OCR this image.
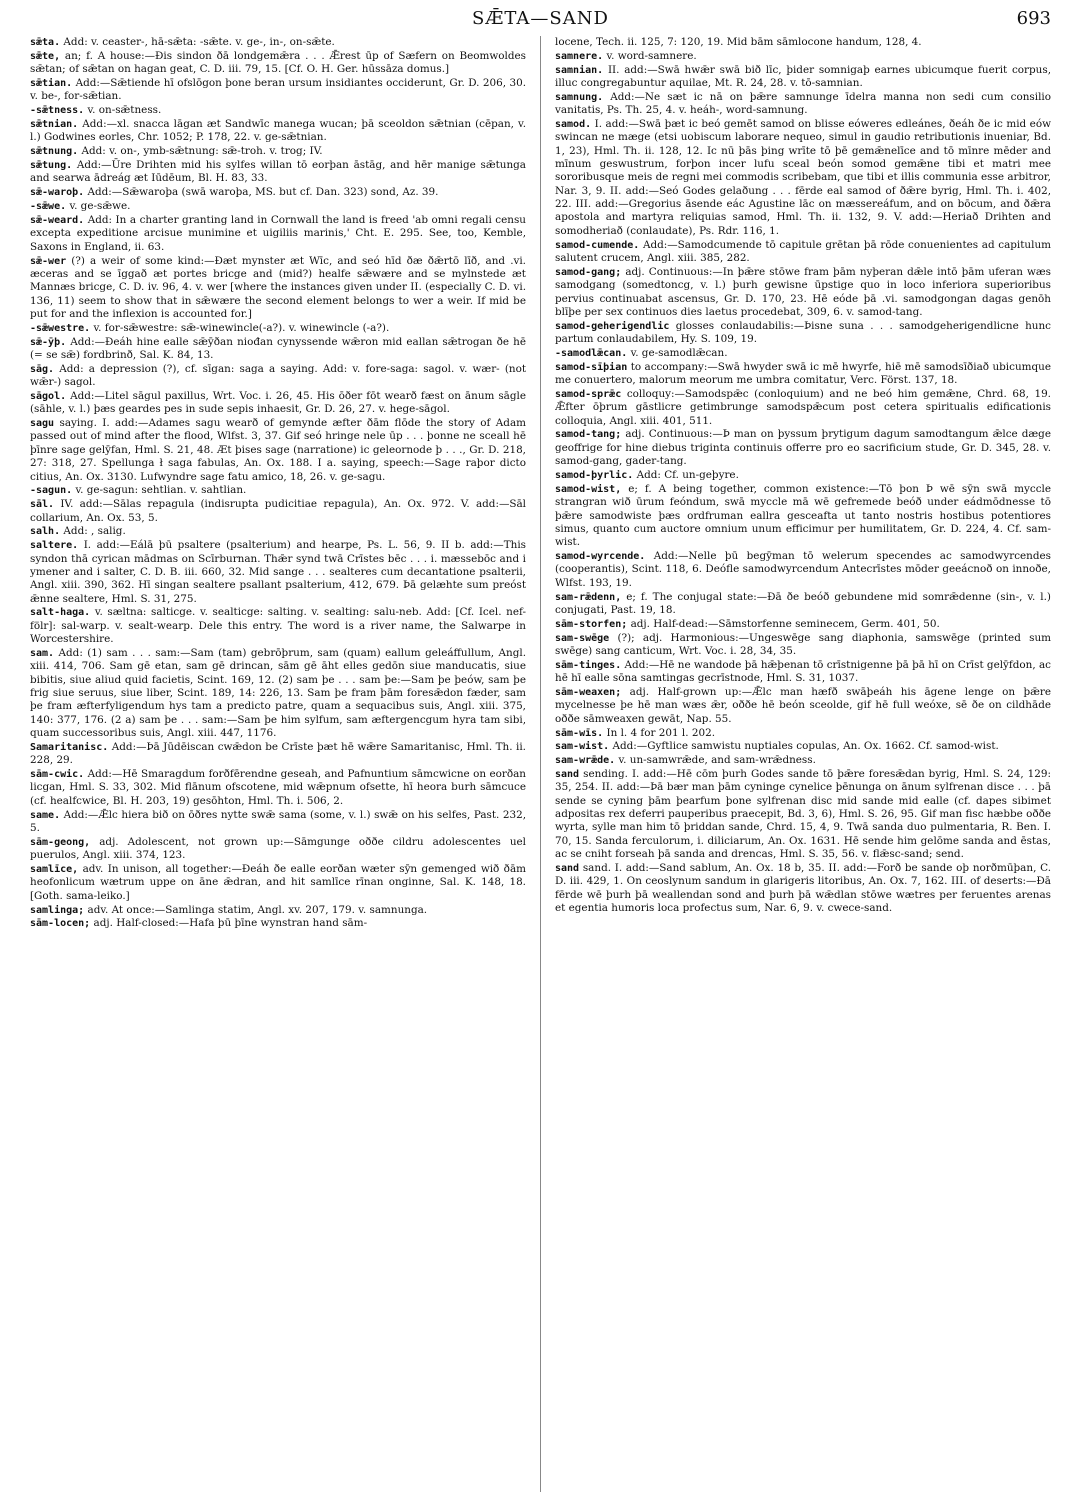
SǢTA—SAND	693
sǣta. Add: v. ceaster-, hā-sǣta: -sǣte. v. ge-, in-, on-sǣte.
sǣte, an; f. A house:—Ðis sindon ðā londgemǣra . . . Ǣrest ūp of Sæfern on Beomwoldes sǣtan; of sǣtan on hagan geat, C. D. iii. 79, 15. [Cf. O. H. Ger. hūssāza domus.]
sǣtian. Add:—Sǣtiende hī ofslōgon þone beran ursum insidiantes occiderunt, Gr. D. 206, 30. v. be-, for-sǣtian.
-sǣtness. v. on-sǣtness.
sǣtnian. Add:—xl. snacca lāgan æt Sandwīc manega wucan; þā sceoldon sǣtnian (cēpan, v. l.) Godwines eorles, Chr. 1052; P. 178, 22. v. ge-sǣtnian.
sǣtnung. Add: v. on-, ymb-sǣtnung: sǣ-troh. v. trog; IV.
sǣtung. Add:—Ūre Drihten mid his sylfes willan tō eorþan āstāg, and hēr manige sǣtunga and searwa ādreág æt Iūdēum, Bl. H. 83, 33.
sǣ-waroþ. Add:—Sǣwaroþa (swā waroþa, MS. but cf. Dan. 323) sond, Az. 39.
-sǣwe. v. ge-sǣwe.
sǣ-weard. Add: In a charter granting land in Cornwall the land is freed 'ab omni regali censu excepta expeditione arcisue munimine et uigiliis marinis,' Cht. E. 295. See, too, Kemble, Saxons in England, ii. 63.
sǣ-wer (?) a weir of some kind:—Ðæt mynster æt Wīc, and seó hīd ðæ ðǣrtō līð, and .vi. æceras and se īggað æt portes bricge and (mid?) healfe sǣwære and se mylnstede æt Mannæs bricge, C. D. iv. 96, 4. v. wer [where the instances given under II. (especially C. D. vi. 136, 11) seem to show that in sǣwære the second element belongs to wer a weir. If mid be put for and the inflexion is accounted for.]
-sǣwestre. v. for-sǣwestre: sǣ-winewincle(-a?). v. winewincle (-a?).
sǣ-ȳþ. Add:—Ðeáh hine ealle sǣȳðan niođan cynyssende wǣron mid eallan sǣtrogan ðe hē (= se sǣ) fordbrinð, Sal. K. 84, 13.
sāg. Add: a depression (?), cf. sīgan: saga a saying. Add: v. fore-saga: sagol. v. wær- (not wǣr-) sagol.
sāgol. Add:—Litel sāgul paxillus, Wrt. Voc. i. 26, 45. His ōðer fōt wearð fæst on ānum sāgle (sāhle, v. l.) þæs geardes pes in sude sepis inhaesit, Gr. D. 26, 27. v. hege-sāgol.
sagu saying. I. add:—Adames sagu wearð of gemynde æfter ðām flōde the story of Adam passed out of mind after the flood, Wlfst. 3, 37. Gif seó hringe nele ūp . . . þonne ne sceall hē þīnre sage gelȳfan, Hml. S. 21, 48. Æt þises sage (narratione) ic geleornode þ . . ., Gr. D. 218, 27: 318, 27. Spellunga ł saga fabulas, An. Ox. 188. I a. saying, speech:—Sage raþor dicto citius, An. Ox. 3130. Lufwyndre sage fatu amico, 18, 26. v. ge-sagu.
-sagun. v. ge-sagun: sehtlian. v. sahtlian.
sāl. IV. add:—Sālas repagula (indisrupta pudicitiae repagula), An. Ox. 972. V. add:—Sāl collarium, An. Ox. 53, 5.
salh. Add: , salig.
saltere. I. add:—Eálā þū psaltere (psalterium) and hearpe, Ps. L. 56, 9. II b. add:—This syndon thā cyrican mādmas on Scīrburnan. Thǣr synd twā Crīstes bēc . . . i. mæssebōc and i ymener and i salter, C. D. B. iii. 660, 32. Mid sange . . . sealteres cum decantatione psalterii, Angl. xiii. 390, 362. Hī singan sealtere psallant psalterium, 412, 679. Þā gelæhte sum preóst ǣnne sealtere, Hml. S. 31, 275.
salt-haga. v. sæltna: salticge. v. sealticge: salting. v. sealting: salu-neb. Add: [Cf. Icel. nef-fölr]: sal-warp. v. sealt-wearp. Dele this entry. The word is a river name, the Salwarpe in Worcestershire.
sam. Add: (1) sam . . . sam:—Sam (tam) gebrōþrum, sam (quam) eallum geleáffullum, Angl. xiii. 414, 706. Sam gē etan, sam gē drincan, sām gē āht elles gedōn siue manducatis, siue bibitis, siue aliud quid facietis, Scint. 169, 12. (2) sam þe . . . sam þe:—Sam þe þeów, sam þe frig siue seruus, siue liber, Scint. 189, 14: 226, 13. Sam þe fram þām foresǣdon fæder, sam þe fram æfterfyligendum hys tam a predicto patre, quam a sequacibus suis, Angl. xiii. 375, 140: 377, 176. (2 a) sam þe . . . sam:—Sam þe him sylfum, sam æftergencgum hyra tam sibi, quam successoribus suis, Angl. xiii. 447, 1176.
Samaritanisc. Add:—Þā Jūdēiscan cwǣdon be Crīste þæt hē wǣre Samaritanisc, Hml. Th. ii. 228, 29.
sām-cwic. Add:—Hē Smaragdum forðfērendne geseah, and Pafnuntium sāmcwicne on eorðan licgan, Hml. S. 33, 302. Mid flānum ofscotene, mid wǣpnum ofsette, hī heora burh sāmcuce (cf. healfcwice, Bl. H. 203, 19) gesōhton, Hml. Th. i. 506, 2.
same. Add:—Ǣlc hiera bið on ōðres nytte swǣ sama (some, v. l.) swǣ on his selfes, Past. 232, 5.
sām-geong, adj. Adolescent, not grown up:—Sāmgunge oððe cildru adolescentes uel puerulos, Angl. xiii. 374, 123.
samlīce, adv. In unison, all together:—Ðeáh ðe ealle eorðan wæter sȳn gemenged wið ðām heofonlicum wætrum uppe on āne ǣdran, and hit samlīce rīnan onginne, Sal. K. 148, 18. [Goth. sama-leiko.]
samlinga; adv. At once:—Samlinga statim, Angl. xv. 207, 179. v. samnunga.
sām-locen; adj. Half-closed:—Hafa þū þīne wynstran hand sām-
locene, Tech. ii. 125, 7: 120, 19. Mid bām sāmlocone handum, 128, 4.
samnere. v. word-samnere.
samnian. II. add:—Swā hwǣr swā bið līc, þider somnigaþ earnes ubicumque fuerit corpus, illuc congregabuntur aquilae, Mt. R. 24, 28. v. tō-samnian.
samnung. Add:—Ne sæt ic nā on þǣre samnunge īdelra manna non sedi cum consilio vanitatis, Ps. Th. 25, 4. v. heáh-, word-samnung.
samod. I. add:—Swā þæt ic beó gemēt samod on blisse eóweres edleánes, ðeáh ðe ic mid eów swincan ne mæge (etsi uobiscum laborare nequeo, simul in gaudio retributionis inueniar, Bd. 1, 23), Hml. Th. ii. 128, 12. Ic nū þās þing wrīte tō þē gemǣnelīce and tō mīnre mēder and mīnum geswustrum, forþon incer lufu sceal beón somod gemǣne tibi et matri mee sororibusque meis de regni mei commodis scribebam, que tibi et illis communia esse arbitror, Nar. 3, 9. II. add:—Seó Godes gelaðung . . . fērde eal samod of ðǣre byrig, Hml. Th. i. 402, 22. III. add:—Gregorius āsende eác Agustine lāc on mæssereáfum, and on bōcum, and ðǣra apostola and martyra reliquias samod, Hml. Th. ii. 132, 9. V. add:—Heriað Drihten and somodheriað (conlaudate), Ps. Rdr. 116, 1.
samod-cumende. Add:—Samodcumende tō capitule grētan þā rōde conuenientes ad capitulum salutent crucem, Angl. xiii. 385, 282.
samod-gang; adj. Continuous:—In þǣre stōwe fram þām nyþeran dǣle intō þām uferan wæs samodgang (somedtoncg, v. l.) þurh gewisne ūpstige quo in loco inferiora superioribus pervius continuabat ascensus, Gr. D. 170, 23. Hē eóde þā .vi. samodgongan dagas genōh blīþe per sex continuos dies laetus procedebat, 309, 6. v. samod-tang.
samod-geherigendlic glosses conlaudabilis:—Þisne suna . . . samodgeherigendlicne hunc partum conlaudabilem, Hy. S. 109, 19.
-samodlǣcan. v. ge-samodlǣcan.
samod-sīþian to accompany:—Swā hwyder swā ic mē hwyrfe, hiē mē samodsīðiað ubicumque me conuertero, malorum meorum me umbra comitatur, Verc. Först. 137, 18.
samod-sprǣc colloquy:—Samodspǣc (conloquium) and ne beó him gemǣne, Chrd. 68, 19. Ǣfter ōþrum gāstlicre getimbrunge samodspǣcum post cetera spiritualis edificationis colloquia, Angl. xiii. 401, 511.
samod-tang; adj. Continuous:—Þ man on þyssum þrytigum dagum samodtangum ǣlce dæge geoffrige for hine diebus triginta continuis offerre pro eo sacrificium stude, Gr. D. 345, 28. v. samod-gang, gader-tang.
samod-þyrlic. Add: Cf. un-geþyre.
samod-wist, e; f. A being together, common existence:—Tō þon Þ wē sȳn swā myccle strangran wið ūrum feóndum, swā myccle mā wē gefremede beóð under eádmōdnesse tō þǣre samodwiste þæs ordfruman eallra gesceafta ut tanto nostris hostibus potentiores simus, quanto cum auctore omnium unum efficimur per humilitatem, Gr. D. 224, 4. Cf. sam-wist.
samod-wyrcende. Add:—Nelle þū begȳman tō welerum specendes ac samodwyrcendes (cooperantis), Scint. 118, 6. Deófle samodwyrcendum Antecrīstes mōder geeácnoð on innoðe, Wlfst. 193, 19.
sam-rǣdenn, e; f. The conjugal state:—Ðā ðe beóð gebundene mid somrǣdenne (sin-, v. l.) conjugati, Past. 19, 18.
sām-storfen; adj. Half-dead:—Sāmstorfenne seminecem, Germ. 401, 50.
sam-swēge (?); adj. Harmonious:—Ungeswēge sang diaphonia, samswēge (printed sum swēge) sang canticum, Wrt. Voc. i. 28, 34, 35.
sām-tinges. Add:—Hē ne wandode þā hǣþenan tō crīstnigenne þā þā hī on Crīst gelȳfdon, ac hē hī ealle sōna samtingas gecrīstnode, Hml. S. 31, 1037.
sām-weaxen; adj. Half-grown up:—Ǣlc man hæfð swāþeáh his āgene lenge on þǣre mycelnesse þe hē man wæs ǣr, oððe hē beón sceolde, gif hē full weóxe, sē ðe on cildhāde oððe sāmweaxen gewāt, Nap. 55.
sām-wīs. In l. 4 for 201 l. 202.
sam-wist. Add:—Gyftlice samwistu nuptiales copulas, An. Ox. 1662. Cf. samod-wist.
sam-wrǣde. v. un-samwrǣde, and sam-wrǣdness.
sand sending. I. add:—Hē cōm þurh Godes sande tō þǣre foresǣdan byrig, Hml. S. 24, 129: 35, 254. II. add:—Þā bær man þām cyninge cynelice þēnunga on ānum sylfrenan disce . . . þā sende se cyning þām þearfum þone sylfrenan disc mid sande mid ealle (cf. dapes sibimet adpositas rex deferri pauperibus praecepit, Bd. 3, 6), Hml. S. 26, 95. Gif man fisc hæbbe oððe wyrta, sylle man him tō þriddan sande, Chrd. 15, 4, 9. Twā sanda duo pulmentaria, R. Ben. I. 70, 15. Sanda ferculorum, i. diliciarum, An. Ox. 1631. Hē sende him gelōme sanda and ēstas, ac se cniht forseah þā sanda and drencas, Hml. S. 35, 56. v. flǣsc-sand; send.
sand sand. I. add:—Sand sablum, An. Ox. 18 b, 35. II. add:—Forð be sande oþ norðmūþan, C. D. iii. 429, 1. On ceoslynum sandum in glarigeris litoribus, An. Ox. 7, 162. III. of deserts:—Ðā fērde wē þurh þā weallendan sond and þurh þā wǣdlan stōwe wætres per feruentes arenas et egentia humoris loca profectus sum, Nar. 6, 9. v. cwece-sand.
